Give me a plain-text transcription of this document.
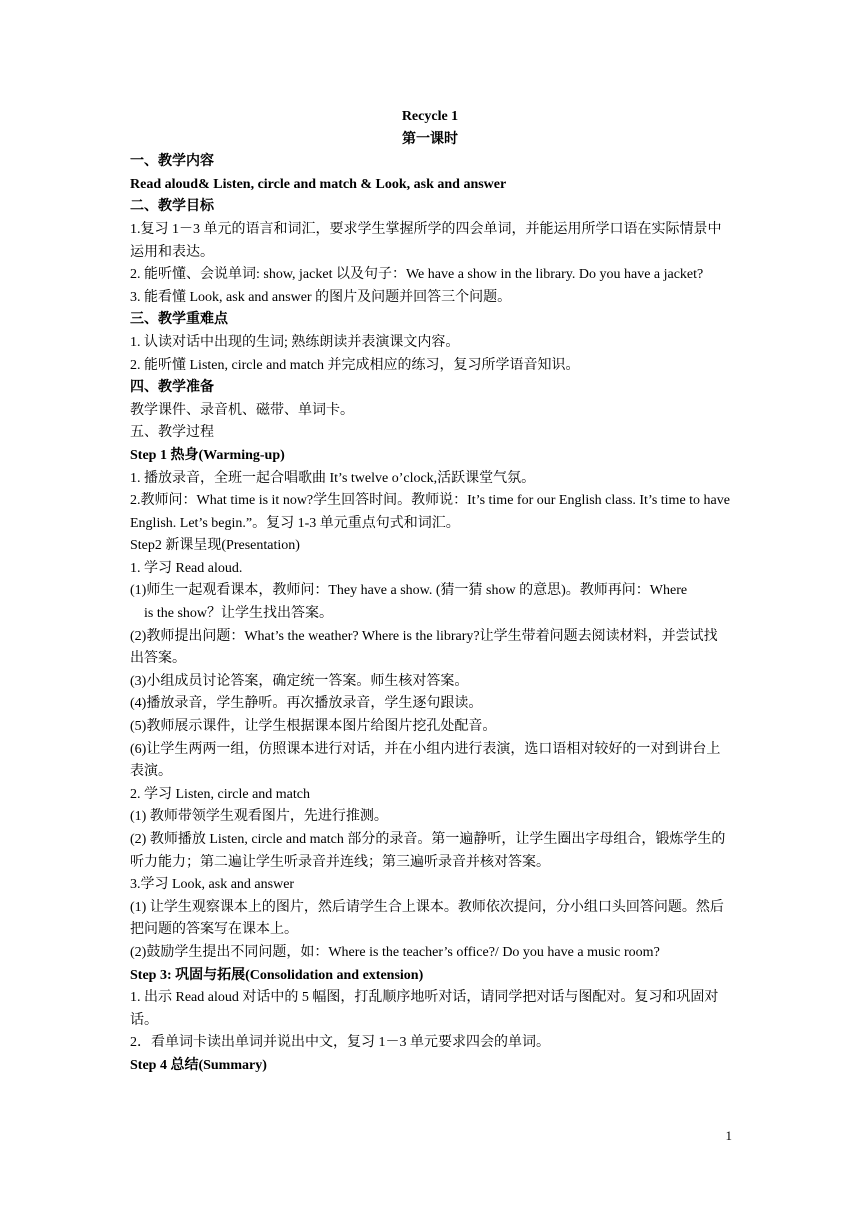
Recycle 1

第一课时

一、教学内容

Read aloud& Listen, circle and match & Look, ask and answer

二、教学目标

1.复习 1－3 单元的语言和词汇，要求学生掌握所学的四会单词，并能运用所学口语在实际情景中运用和表达。

2. 能听懂、会说单词: show, jacket 以及句子：We have a show in the library. Do you have a jacket?

3. 能看懂 Look, ask and answer 的图片及问题并回答三个问题。

三、教学重难点

1. 认读对话中出现的生词; 熟练朗读并表演课文内容。

2. 能听懂 Listen, circle and match 并完成相应的练习，复习所学语音知识。

四、教学准备

教学课件、录音机、磁带、单词卡。

五、教学过程

Step 1 热身(Warming-up)

1. 播放录音，全班一起合唱歌曲 It’s twelve o’clock,活跃课堂气氛。

2.教师问：What time is it now?学生回答时间。教师说：It’s time for our English class. It’s time to have English. Let’s begin.”。复习 1-3 单元重点句式和词汇。

Step2 新课呈现(Presentation)

1. 学习 Read aloud.

(1)师生一起观看课本，教师问：They have a show. (猜一猜 show 的意思)。教师再问：Where

is the show？让学生找出答案。

(2)教师提出问题：What’s the weather? Where is the library?让学生带着问题去阅读材料，并尝试找出答案。

(3)小组成员讨论答案，确定统一答案。师生核对答案。

(4)播放录音，学生静听。再次播放录音，学生逐句跟读。

(5)教师展示课件，让学生根据课本图片给图片挖孔处配音。

(6)让学生两两一组，仿照课本进行对话，并在小组内进行表演，选口语相对较好的一对到讲台上表演。

2. 学习 Listen, circle and match

(1) 教师带领学生观看图片，先进行推测。

(2) 教师播放 Listen, circle and match 部分的录音。第一遍静听，让学生圈出字母组合，锻炼学生的听力能力；第二遍让学生听录音并连线；第三遍听录音并核对答案。

3.学习 Look, ask and answer

(1) 让学生观察课本上的图片，然后请学生合上课本。教师依次提问，分小组口头回答问题。然后把问题的答案写在课本上。

(2)鼓励学生提出不同问题，如：Where is the teacher’s office?/ Do you have a music room?

Step 3: 巩固与拓展(Consolidation and extension)

1. 出示 Read aloud 对话中的 5 幅图，打乱顺序地听对话，请同学把对话与图配对。复习和巩固对话。

2．看单词卡读出单词并说出中文，复习 1－3 单元要求四会的单词。

Step 4 总结(Summary)

1
